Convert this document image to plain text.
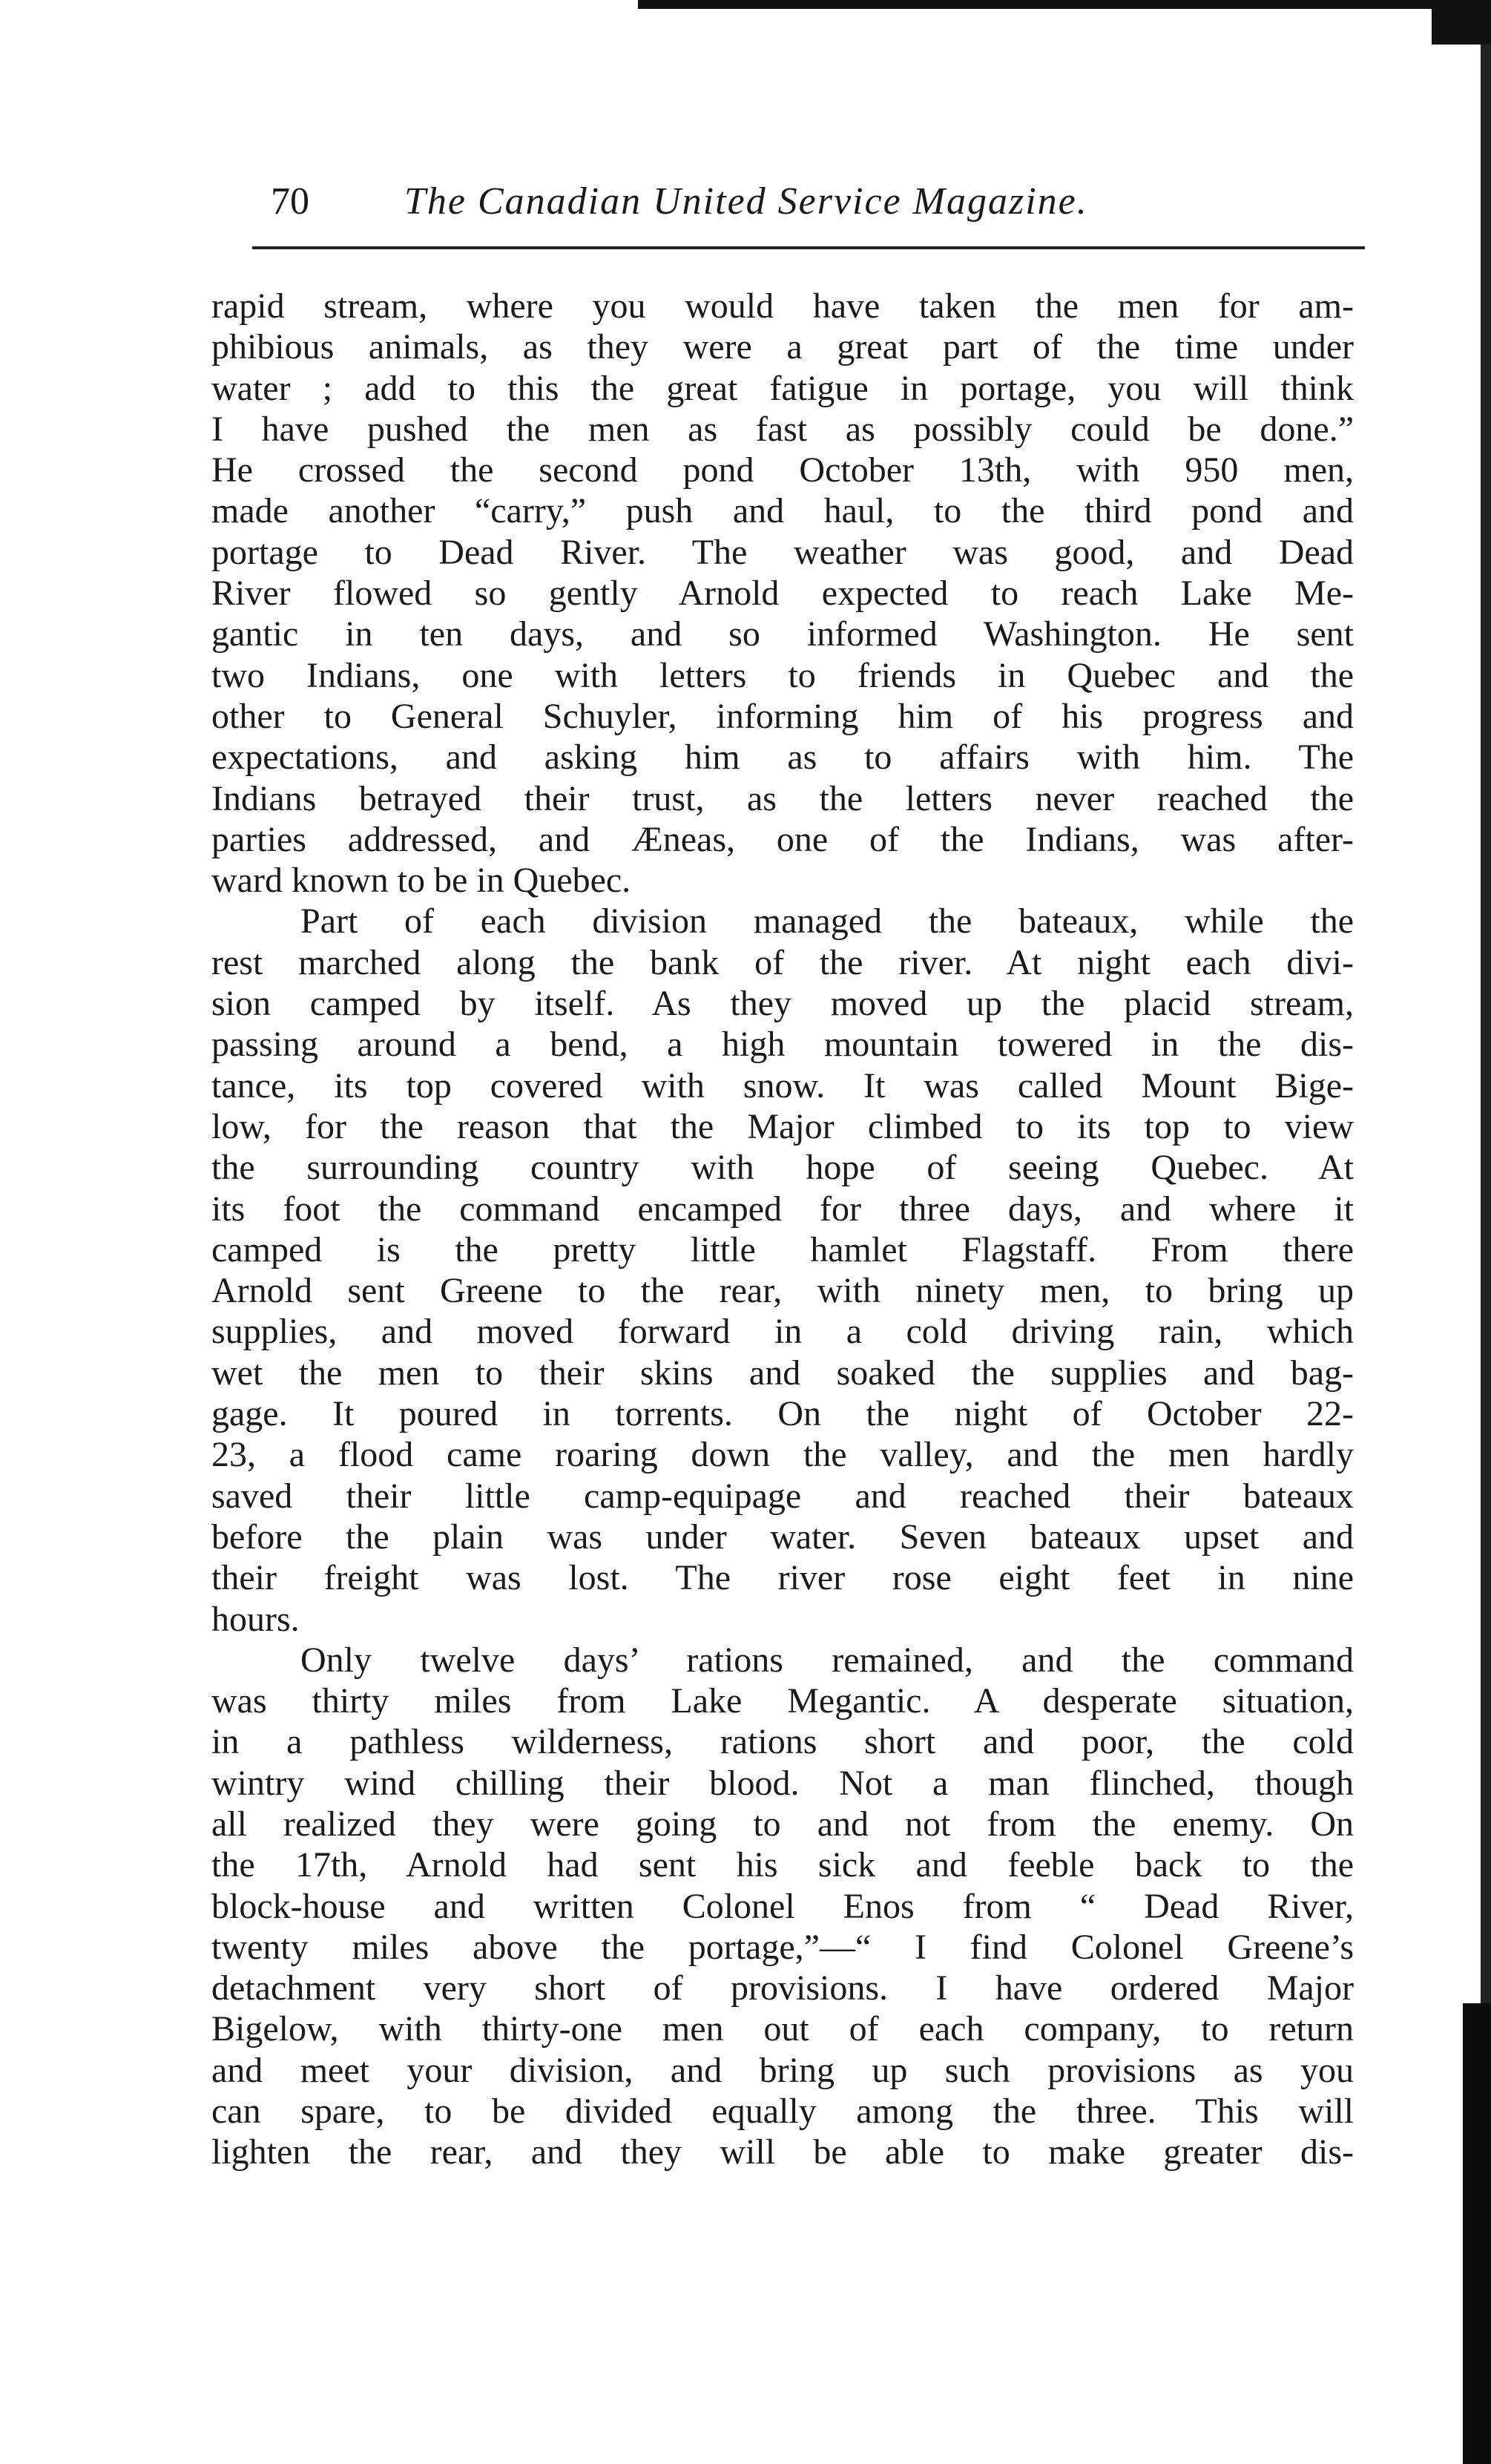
70 The Canadian United Service Magazine.
rapid stream, where you would have taken the men for am-
phibious animals, as they were a great part of the time under
water ; add to this the great fatigue in portage, you will think
I have pushed the men as fast as possibly could be done.”
He crossed the second pond October 13th, with 950 men,
made another “carry,” push and haul, to the third pond and
portage to Dead River. The weather was good, and Dead
River flowed so gently Arnold expected to reach Lake Me-
gantic in ten days, and so informed Washington. He sent
two Indians, one with letters to friends in Quebec and the
other to General Schuyler, informing him of his progress and
expectations, and asking him as to affairs with him. The
Indians betrayed their trust, as the letters never reached the
parties addressed, and Æneas, one of the Indians, was after-
ward known to be in Quebec.
Part of each division managed the bateaux, while the
rest marched along the bank of the river. At night each divi-
sion camped by itself. As they moved up the placid stream,
passing around a bend, a high mountain towered in the dis-
tance, its top covered with snow. It was called Mount Bige-
low, for the reason that the Major climbed to its top to view
the surrounding country with hope of seeing Quebec. At
its foot the command encamped for three days, and where it
camped is the pretty little hamlet Flagstaff. From there
Arnold sent Greene to the rear, with ninety men, to bring up
supplies, and moved forward in a cold driving rain, which
wet the men to their skins and soaked the supplies and bag-
gage. It poured in torrents. On the night of October 22-
23, a flood came roaring down the valley, and the men hardly
saved their little camp-equipage and reached their bateaux
before the plain was under water. Seven bateaux upset and
their freight was lost. The river rose eight feet in nine
hours.
Only twelve days’ rations remained, and the command
was thirty miles from Lake Megantic. A desperate situation,
in a pathless wilderness, rations short and poor, the cold
wintry wind chilling their blood. Not a man flinched, though
all realized they were going to and not from the enemy. On
the 17th, Arnold had sent his sick and feeble back to the
block-house and written Colonel Enos from “ Dead River,
twenty miles above the portage,”—“ I find Colonel Greene’s
detachment very short of provisions. I have ordered Major
Bigelow, with thirty-one men out of each company, to return
and meet your division, and bring up such provisions as you
can spare, to be divided equally among the three. This will
lighten the rear, and they will be able to make greater dis-
